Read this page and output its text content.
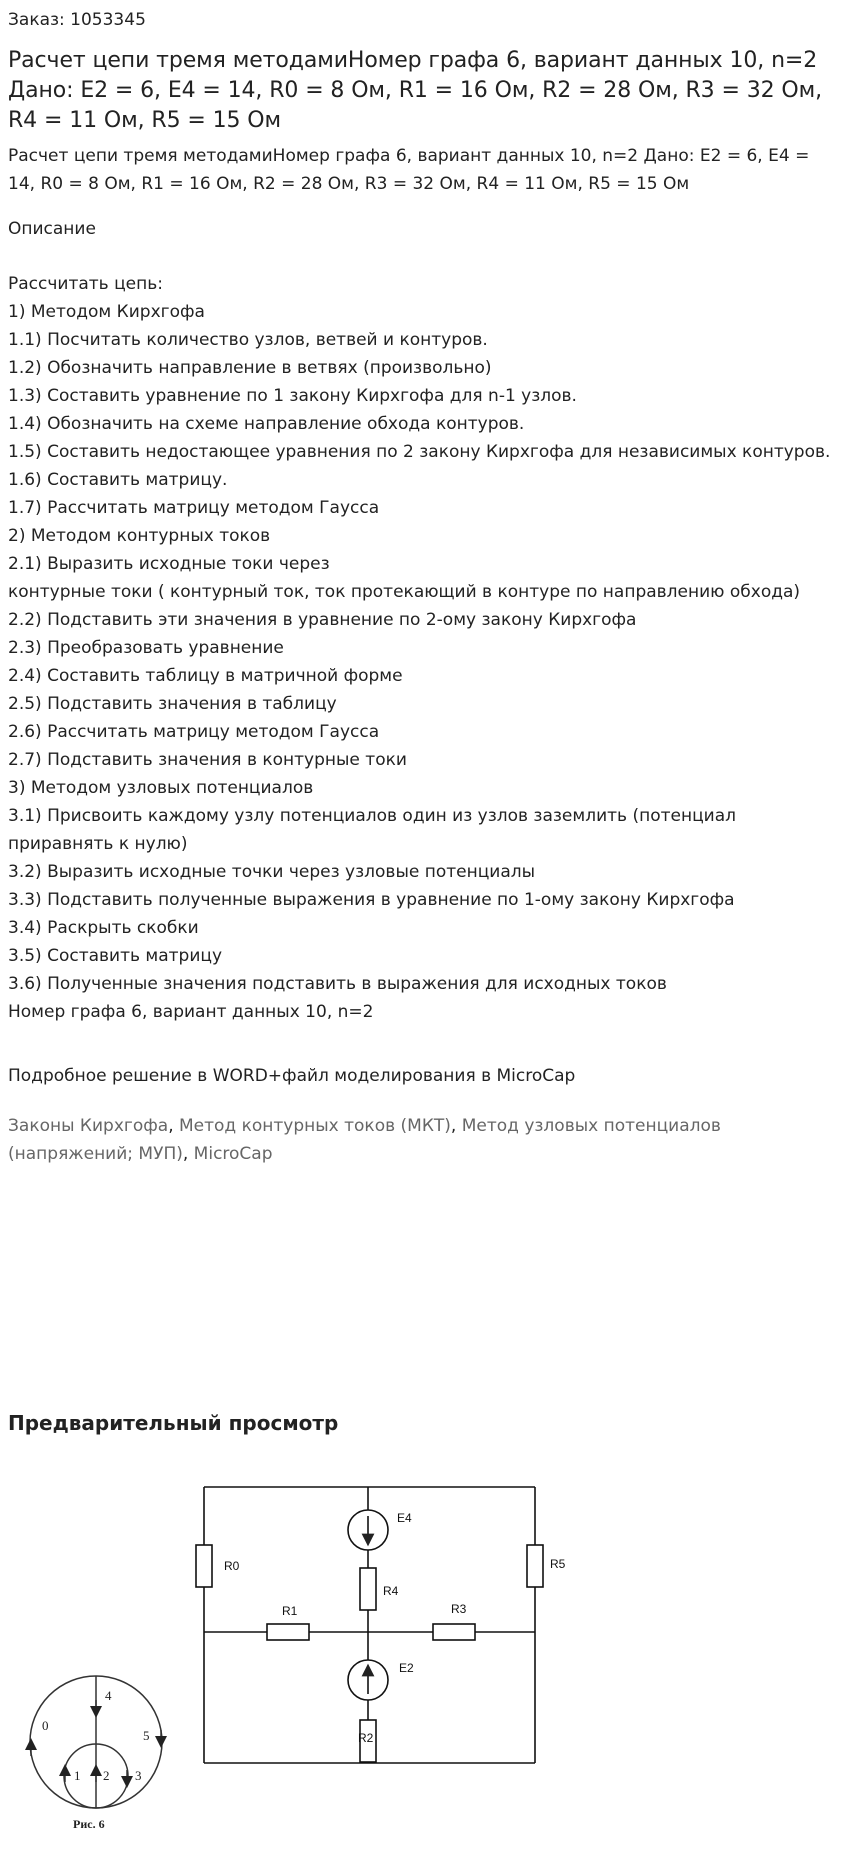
Заказ: 1053345
Расчет цепи тремя методамиНомер графа 6, вариант данных 10, n=2 Дано: E2 = 6, E4 = 14, R0 = 8 Ом, R1 = 16 Ом, R2 = 28 Ом, R3 = 32 Ом, R4 = 11 Ом, R5 = 15 Ом
Расчет цепи тремя методамиНомер графа 6, вариант данных 10, n=2 Дано: E2 = 6, E4 = 14, R0 = 8 Ом, R1 = 16 Ом, R2 = 28 Ом, R3 = 32 Ом, R4 = 11 Ом, R5 = 15 Ом
Описание
Рассчитать цепь:
1) Методом Кирхгофа
1.1) Посчитать количество узлов, ветвей и контуров.
1.2) Обозначить направление в ветвях (произвольно)
1.3) Составить уравнение по 1 закону Кирхгофа для n-1 узлов.
1.4) Обозначить на схеме направление обхода контуров.
1.5) Составить недостающее уравнения по 2 закону Кирхгофа для независимых контуров.
1.6) Составить матрицу.
1.7) Рассчитать матрицу методом Гаусса
2) Методом контурных токов
2.1) Выразить исходные токи через
контурные токи ( контурный ток, ток протекающий в контуре по направлению обхода)
2.2) Подставить эти значения в уравнение по 2-ому закону Кирхгофа
2.3) Преобразовать уравнение
2.4) Составить таблицу в матричной форме
2.5) Подставить значения в таблицу
2.6) Рассчитать матрицу методом Гаусса
2.7) Подставить значения в контурные токи
3) Методом узловых потенциалов
3.1) Присвоить каждому узлу потенциалов один из узлов заземлить (потенциал приравнять к нулю)
3.2) Выразить исходные точки через узловые потенциалы
3.3) Подставить полученные выражения в уравнение по 1-ому закону Кирхгофа
3.4) Раскрыть скобки
3.5) Составить матрицу
3.6) Полученные значения подставить в выражения для исходных токов
Номер графа 6, вариант данных 10, n=2
Подробное решение в WORD+файл моделирования в MicroCap
Законы Кирхгофа, Метод контурных токов (МКТ), Метод узловых потенциалов (напряжений; МУП), MicroCap
Предварительный просмотр
E4
E2
R0	R5
R4
R1	R3
R2
0
4
5
1 2 3
Рис. 6
